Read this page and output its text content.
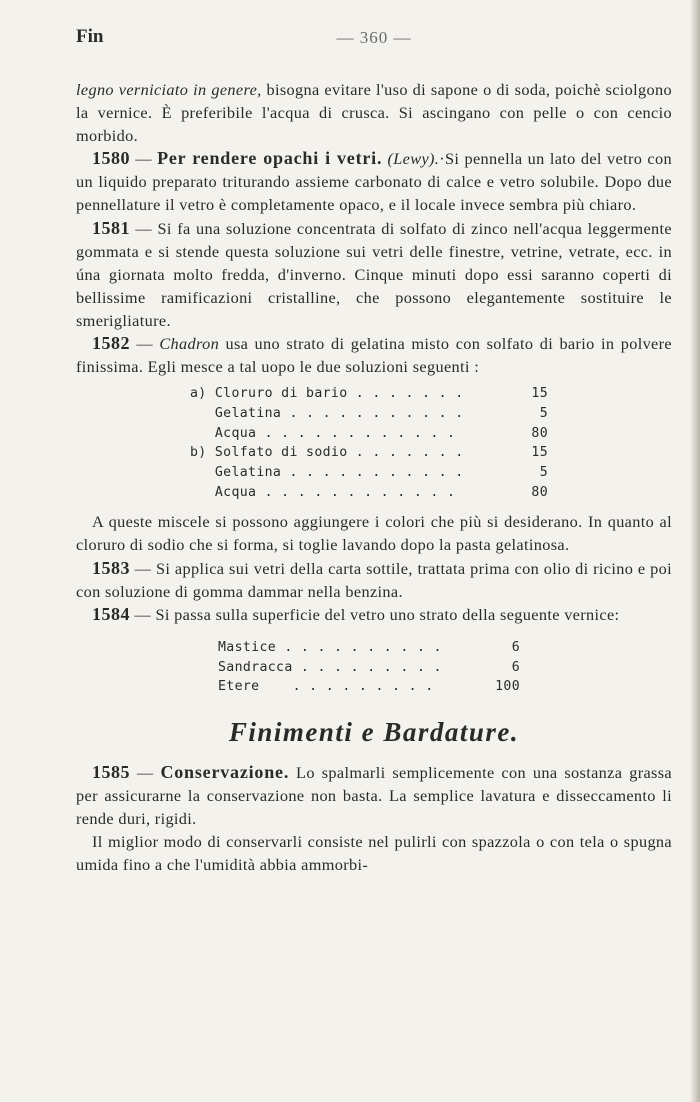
Fin	— 360 —

legno verniciato in genere, bisogna evitare l'uso di sapone o di soda, poichè sciolgono la vernice. È preferibile l'acqua di crusca. Si ascingano con pelle o con cencio morbido.

1580 — Per rendere opachi i vetri. (Lewy).·Si pennella un lato del vetro con un liquido preparato triturando assieme carbonato di calce e vetro solubile. Dopo due pennellature il vetro è completamente opaco, e il locale invece sembra più chiaro.

1581 — Si fa una soluzione concentrata di solfato di zinco nell'acqua leggermente gommata e si stende questa soluzione sui vetri delle finestre, vetrine, vetrate, ecc. in úna giornata molto fredda, d'inverno. Cinque minuti dopo essi saranno coperti di bellissime ramificazioni cristalline, che possono elegantemente sostituire le smerigliature.

1582 — Chadron usa uno strato di gelatina misto con solfato di bario in polvere finissima. Egli mesce a tal uopo le due soluzioni seguenti :

a) Cloruro di bario . . . . . . .	15
Gelatina . . . . . . . . . . .	5
Acqua . . . . . . . . . . . .	80
b) Solfato di sodio . . . . . . .	15
Gelatina . . . . . . . . . . .	5
Acqua . . . . . . . . . . . .	80

A queste miscele si possono aggiungere i colori che più si desiderano. In quanto al cloruro di sodio che si forma, si toglie lavando dopo la pasta gelatinosa.

1583 — Si applica sui vetri della carta sottile, trattata prima con olio di ricino e poi con soluzione di gomma dammar nella benzina.

1584 — Si passa sulla superficie del vetro uno strato della seguente vernice:

Mastice . . . . . . . . . .	6
Sandracca . . . . . . . . .	6
Etere    . . . . . . . . .	100
Finimenti e Bardature.

1585 — Conservazione. Lo spalmarli semplicemente con una sostanza grassa per assicurarne la conservazione non basta. La semplice lavatura e disseccamento li rende duri, rigidi.

Il miglior modo di conservarli consiste nel pulirli con spazzola o con tela o spugna umida fino a che l'umidità abbia ammorbi-
